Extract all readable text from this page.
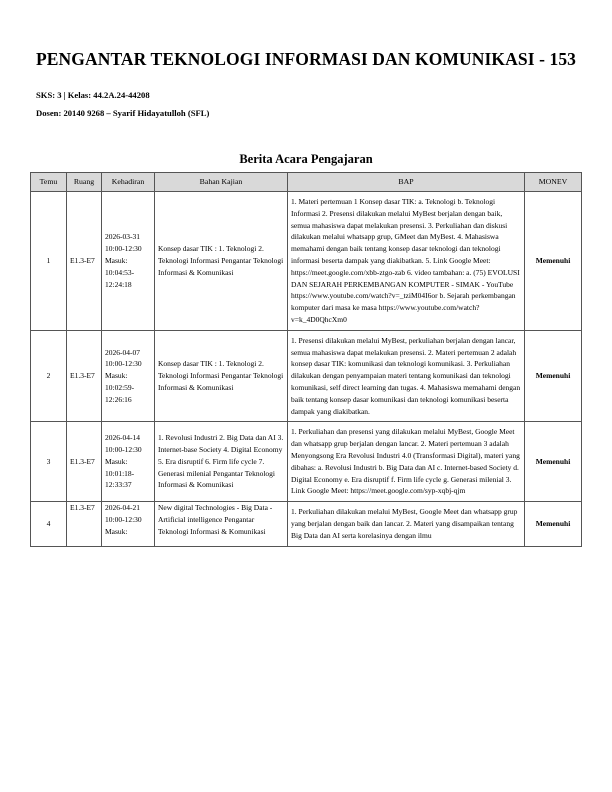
PENGANTAR TEKNOLOGI INFORMASI DAN KOMUNIKASI - 153
SKS: 3 | Kelas: 44.2A.24-44208
Dosen: 20140 9268 – Syarif Hidayatulloh (SFL)
Berita Acara Pengajaran
Temu	Ruang	Kehadiran	Bahan Kajian	BAP	MONEV
1	E1.3-E7	2026-03-31 10:00-12:30 Masuk: 10:04:53-12:24:18	Konsep dasar TIK : 1. Teknologi 2. Teknologi Informasi Pengantar Teknologi Informasi & Komunikasi	1. Materi pertemuan 1 Konsep dasar TIK: a. Teknologi b. Teknologi Informasi 2. Presensi dilakukan melalui MyBest berjalan dengan baik, semua mahasiswa dapat melakukan presensi. 3. Perkuliahan dan diskusi dilakukan melalui whatsapp grup, GMeet dan MyBest. 4. Mahasiswa memahami dengan baik tentang konsep dasar teknologi dan teknologi informasi beserta dampak yang diakibatkan. 5. Link Google Meet: https://meet.google.com/xbb-ztgo-zab 6. video tambahan: a. (75) EVOLUSI DAN SEJARAH PERKEMBANGAN KOMPUTER - SIMAK - YouTube https://www.youtube.com/watch?v=_tziM04I6or b. Sejarah perkembangan komputer dari masa ke masa https://www.youtube.com/watch?v=k_4D0QhcXm0	Memenuhi
2	E1.3-E7	2026-04-07 10:00-12:30 Masuk: 10:02:59-12:26:16	Konsep dasar TIK : 1. Teknologi 2. Teknologi Informasi Pengantar Teknologi Informasi & Komunikasi	1. Presensi dilakukan melalui MyBest, perkuliahan berjalan dengan lancar, semua mahasiswa dapat melakukan presensi. 2. Materi pertemuan 2 adalah konsep dasar TIK: komunikasi dan teknologi komunikasi. 3. Perkuliahan dilakukan dengan penyampaian materi tentang komunikasi dan teknologi komunikasi, self direct learning dan tugas. 4. Mahasiswa memahami dengan baik tentang konsep dasar komunikasi dan teknologi komunikasi beserta dampak yang diakibatkan.	Memenuhi
3	E1.3-E7	2026-04-14 10:00-12:30 Masuk: 10:01:18-12:33:37	1. Revolusi Industri 2. Big Data dan AI 3. Internet-base Society 4. Digital Economy 5. Era disruptif 6. Firm life cycle 7. Generasi milenial Pengantar Teknologi Informasi & Komunikasi	1. Perkuliahan dan presensi yang dilakukan melalui MyBest, Google Meet dan whatsapp grup berjalan dengan lancar. 2. Materi pertemuan 3 adalah Menyongsong Era Revolusi Industri 4.0 (Transformasi Digital), materi yang dibahas: a. Revolusi Industri b. Big Data dan AI c. Internet-based Society d. Digital Economy e. Era disruptif f. Firm life cycle g. Generasi milenial 3. Link Google Meet: https://meet.google.com/syp-xqbj-qjm	Memenuhi
4	E1.3-E7	2026-04-21 10:00-12:30 Masuk:	New digital Technologies - Big Data - Artificial intelligence Pengantar Teknologi Informasi & Komunikasi	1. Perkuliahan dilakukan melalui MyBest, Google Meet dan whatsapp grup yang berjalan dengan baik dan lancar. 2. Materi yang disampaikan tentang Big Data dan AI serta korelasinya dengan ilmu	Memenuhi
